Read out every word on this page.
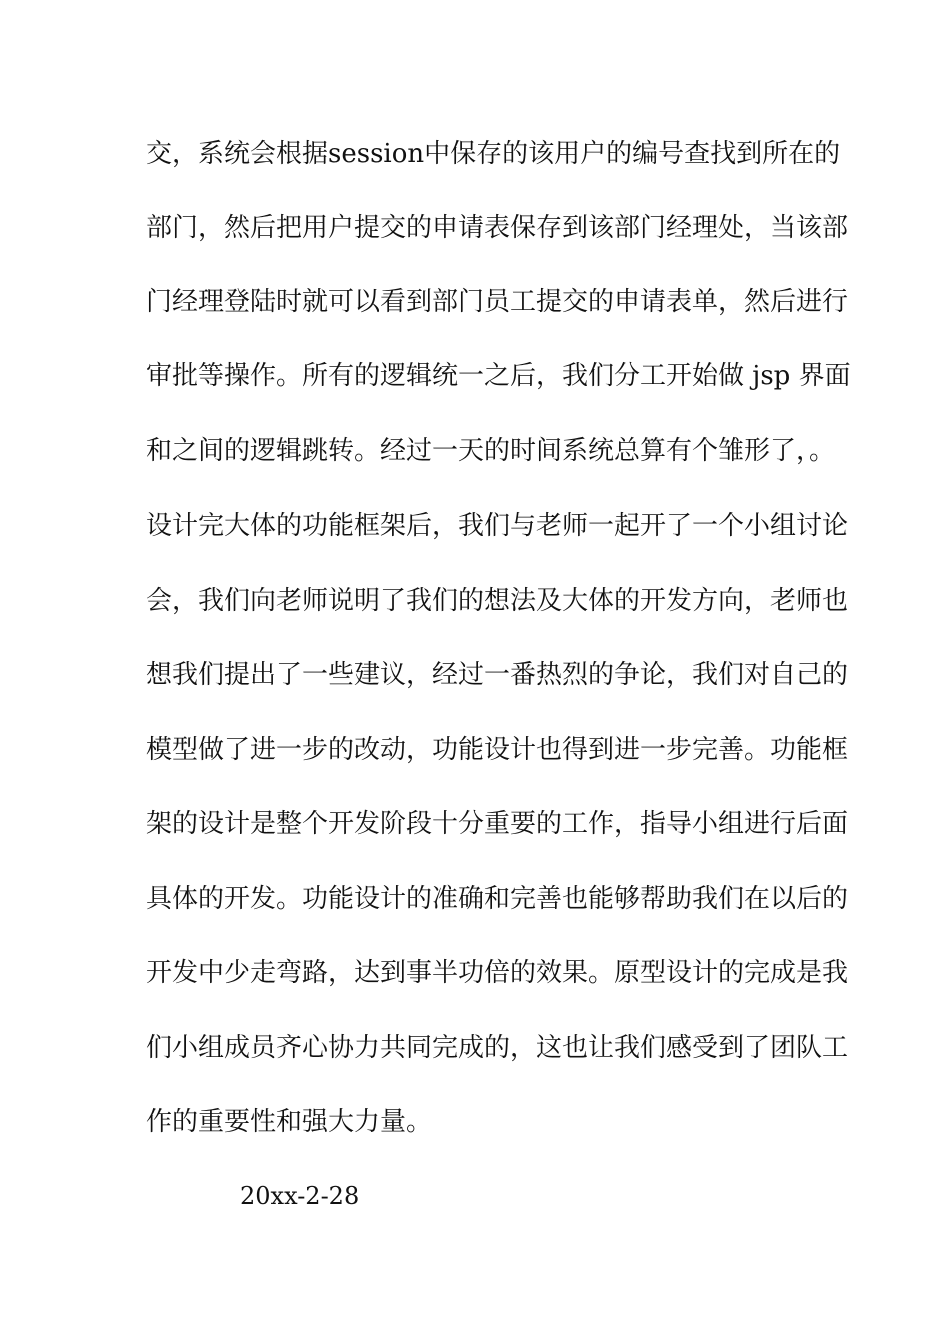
交，系统会根据session中保存的该用户的编号查找到所在的
部门，然后把用户提交的申请表保存到该部门经理处，当该部
门经理登陆时就可以看到部门员工提交的申请表单，然后进行
审批等操作。所有的逻辑统一之后，我们分工开始做 jsp 界面
和之间的逻辑跳转。经过一天的时间系统总算有个雏形了，。
设计完大体的功能框架后，我们与老师一起开了一个小组讨论
会，我们向老师说明了我们的想法及大体的开发方向，老师也
想我们提出了一些建议，经过一番热烈的争论，我们对自己的
模型做了进一步的改动，功能设计也得到进一步完善。功能框
架的设计是整个开发阶段十分重要的工作，指导小组进行后面
具体的开发。功能设计的准确和完善也能够帮助我们在以后的
开发中少走弯路，达到事半功倍的效果。原型设计的完成是我
们小组成员齐心协力共同完成的，这也让我们感受到了团队工
作的重要性和强大力量。
20xx-2-28
